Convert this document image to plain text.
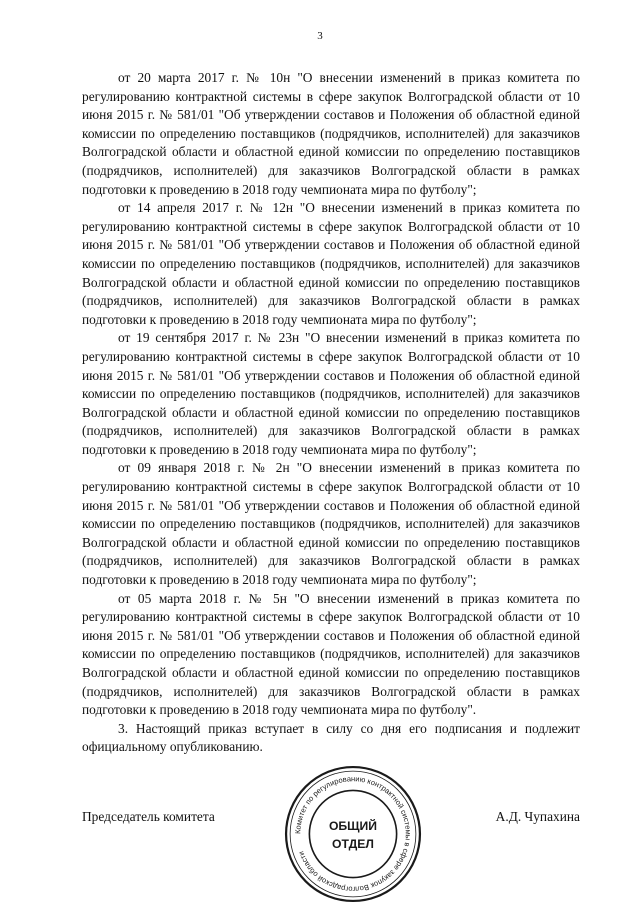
3

от 20 марта 2017 г. № 10н "О внесении изменений в приказ комитета по регулированию контрактной системы в сфере закупок Волгоградской области от 10 июня 2015 г. № 581/01 "Об утверждении составов и Положения об областной единой комиссии по определению поставщиков (подрядчиков, исполнителей) для заказчиков Волгоградской области и областной единой комиссии по определению поставщиков (подрядчиков, исполнителей) для заказчиков Волгоградской области в рамках подготовки к проведению в 2018 году чемпионата мира по футболу";

от 14 апреля 2017 г. № 12н "О внесении изменений в приказ комитета по регулированию контрактной системы в сфере закупок Волгоградской области от 10 июня 2015 г. № 581/01 "Об утверждении составов и Положения об областной единой комиссии по определению поставщиков (подрядчиков, исполнителей) для заказчиков Волгоградской области и областной единой комиссии по определению поставщиков (подрядчиков, исполнителей) для заказчиков Волгоградской области в рамках подготовки к проведению в 2018 году чемпионата мира по футболу";

от 19 сентября 2017 г. № 23н "О внесении изменений в приказ комитета по регулированию контрактной системы в сфере закупок Волгоградской области от 10 июня 2015 г. № 581/01 "Об утверждении составов и Положения об областной единой комиссии по определению поставщиков (подрядчиков, исполнителей) для заказчиков Волгоградской области и областной единой комиссии по определению поставщиков (подрядчиков, исполнителей) для заказчиков Волгоградской области в рамках подготовки к проведению в 2018 году чемпионата мира по футболу";

от 09 января 2018 г. № 2н "О внесении изменений в приказ комитета по регулированию контрактной системы в сфере закупок Волгоградской области от 10 июня 2015 г. № 581/01 "Об утверждении составов и Положения об областной единой комиссии по определению поставщиков (подрядчиков, исполнителей) для заказчиков Волгоградской области и областной единой комиссии по определению поставщиков (подрядчиков, исполнителей) для заказчиков Волгоградской области в рамках подготовки к проведению в 2018 году чемпионата мира по футболу";

от 05 марта 2018 г. № 5н "О внесении изменений в приказ комитета по регулированию контрактной системы в сфере закупок Волгоградской области от 10 июня 2015 г. № 581/01 "Об утверждении составов и Положения об областной единой комиссии по определению поставщиков (подрядчиков, исполнителей) для заказчиков Волгоградской области и областной единой комиссии по определению поставщиков (подрядчиков, исполнителей) для заказчиков Волгоградской области в рамках подготовки к проведению в 2018 году чемпионата мира по футболу".

3. Настоящий приказ вступает в силу со дня его подписания и подлежит официальному опубликованию.

Председатель комитета	А.Д. Чупахина
Комитет по регулированию контрактной системы в сфере закупок Волгоградской области
ОБЩИЙ
ОТДЕЛ
